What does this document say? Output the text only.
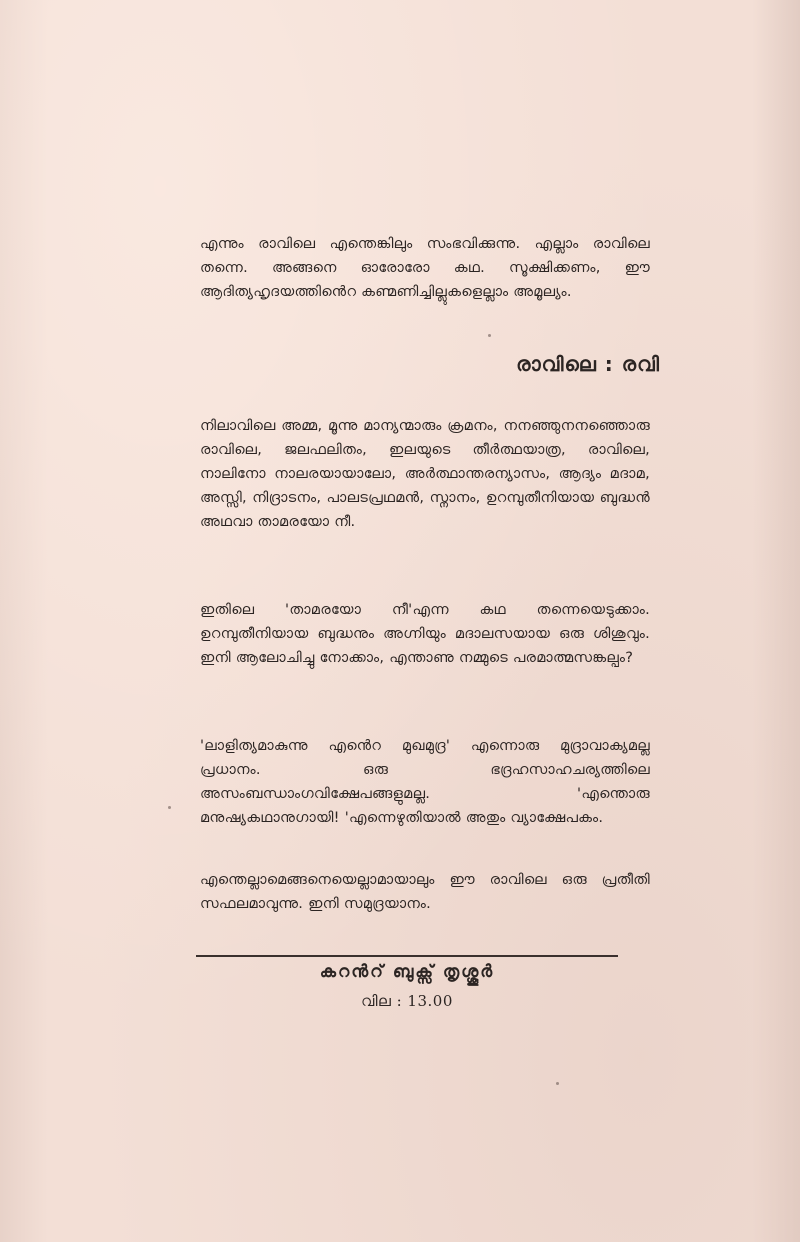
എന്നും രാവിലെ എന്തെങ്കിലും സംഭവിക്കുന്നു. എല്ലാം രാവിലെ തന്നെ. അങ്ങനെ ഓരോരോ കഥ. സൂക്ഷിക്കണം, ഈ ആദിത്യഹൃദയത്തിൻെറ കണ്മണിച്ചില്ലുകളെല്ലാം അമൂല്യം.

രാവിലെ : രവി

നിലാവിലെ അമ്മ, മൂന്നു മാന്യന്മാരും ക്രമനം, നനഞ്ഞുനനഞ്ഞൊരു രാവിലെ, ജലഫലിതം, ഇലയുടെ തീർത്ഥയാത്ര, രാവിലെ, നാലിനോ നാലരയായാലോ, അർത്ഥാന്തരന്യാസം, ആദ്യം മദാമ, അസ്സി, നിദ്രാടനം, പാലടപ്രഥമൻ, സ്നാനം, ഉറമ്പുതീനിയായ ബുദ്ധൻ അഥവാ താമരയോ നീ.

ഇതിലെ 'താമരയോ നീ'എന്ന കഥ തന്നെയെടുക്കാം. ഉറമ്പുതീനിയായ ബുദ്ധനും അഗ്നിയും മദാലസയായ ഒരു ശിശുവും. ഇനി ആലോചിച്ചു നോക്കാം, എന്താണു നമ്മുടെ പരമാത്മസങ്കല്പം?

'ലാളിത്യമാകുന്നു എൻെറ മുഖമുദ്ര' എന്നൊരു മുദ്രാവാക്യമല്ല പ്രധാനം. ഒരു ഭദ്രഹസാഹചര്യത്തിലെ അസംബന്ധാംഗവിക്ഷേപങ്ങളുമല്ല. 'എന്തൊരു മനുഷ്യകഥാനുഗായി! 'എന്നെഴുതിയാൽ അതും വ്യാക്ഷേപകം.

എന്തെല്ലാമെങ്ങനെയെല്ലാമായാലും ഈ രാവിലെ ഒരു പ്രതീതി സഫലമാവുന്നു. ഇനി സമുദ്രയാനം.

കറൻറ് ബുക്സ് തൃശ്ശൂർ
വില : 13.00
